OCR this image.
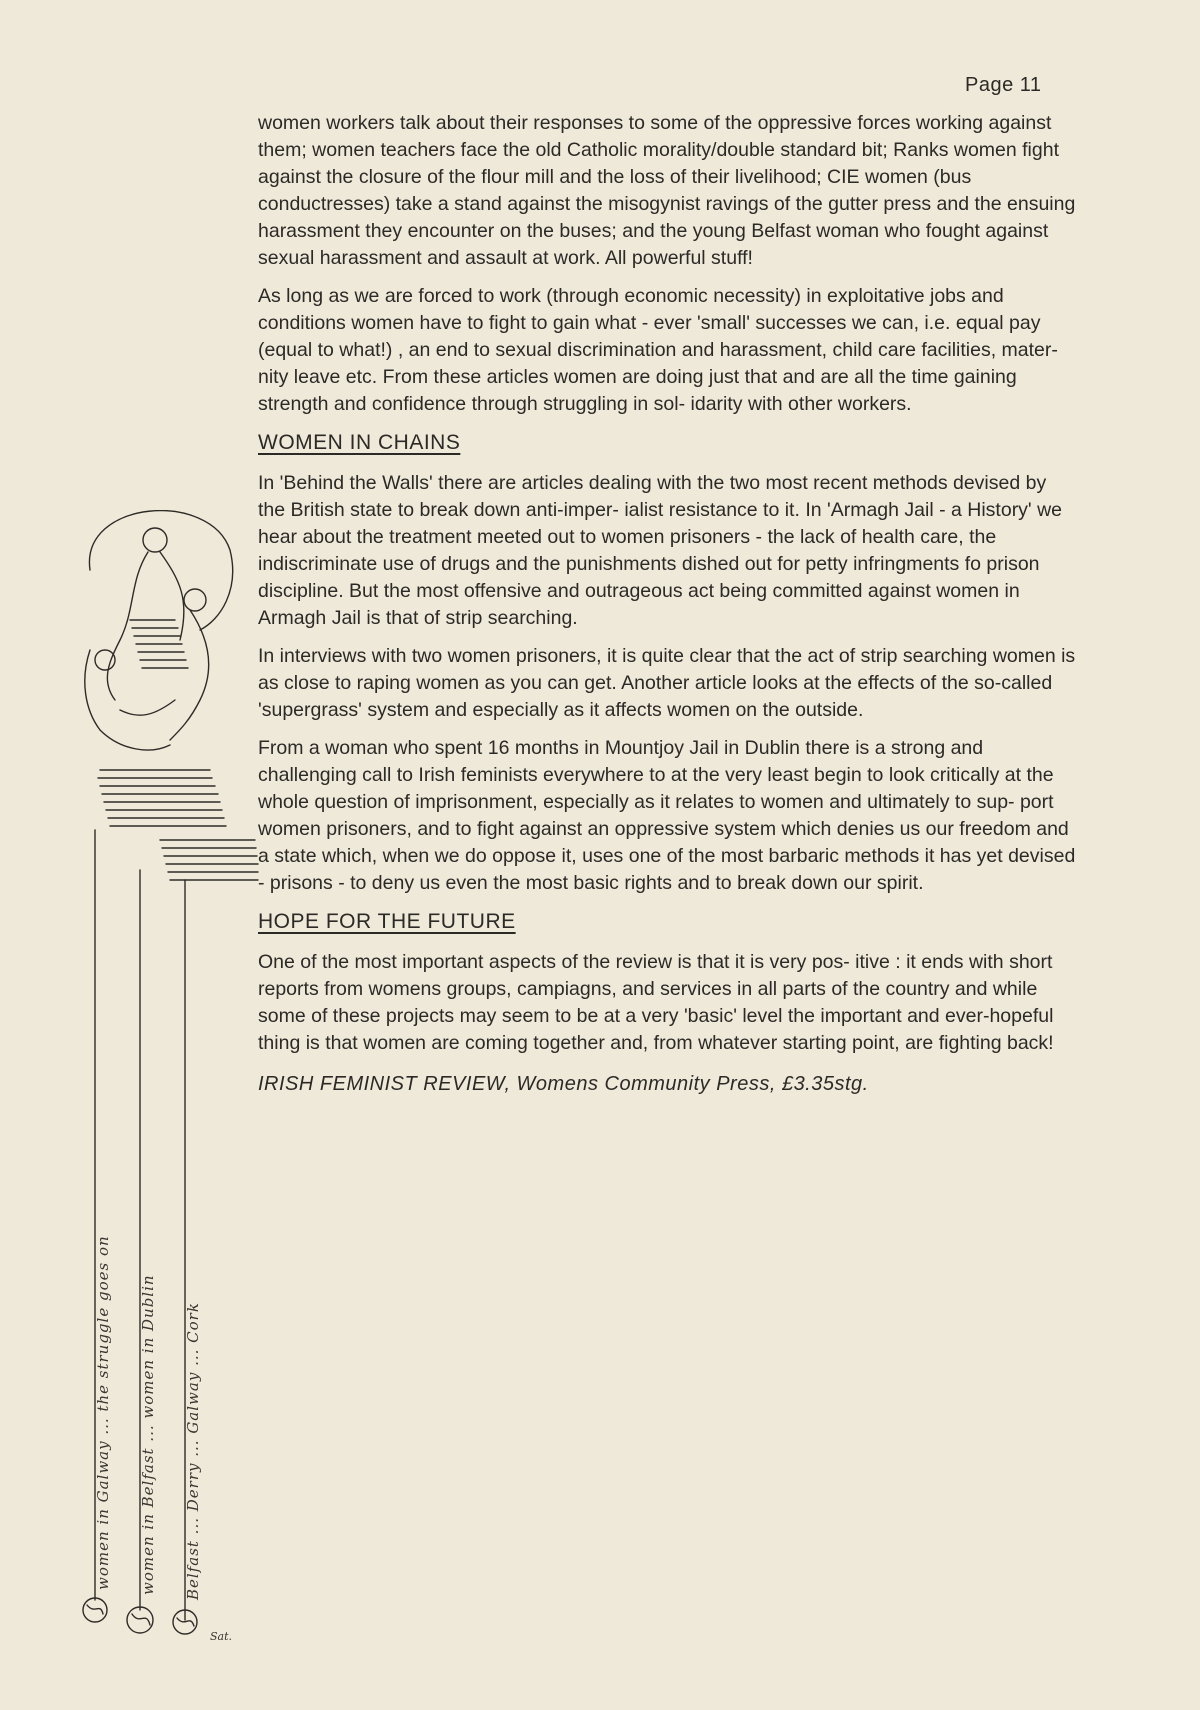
Page 11

women workers talk about their responses to some of the oppressive forces working against them; women teachers face the old Catholic morality/double standard bit; Ranks women fight against the closure of the flour mill and the loss of their livelihood; CIE women (bus conductresses) take a stand against the misogynist ravings of the gutter press and the ensuing harassment they encounter on the buses; and the young Belfast woman who fought against sexual harassment and assault at work. All powerful stuff!

As long as we are forced to work (through economic necessity) in exploitative jobs and conditions women have to fight to gain what - ever 'small' successes we can, i.e. equal pay (equal to what!) , an end to sexual discrimination and harassment, child care facilities, mater- nity leave etc. From these articles women are doing just that and are all the time gaining strength and confidence through struggling in sol- idarity with other workers.

WOMEN IN CHAINS

In 'Behind the Walls' there are articles dealing with the two most recent methods devised by the British state to break down anti-imper- ialist resistance to it. In 'Armagh Jail - a History' we hear about the treatment meeted out to women prisoners - the lack of health care, the indiscriminate use of drugs and the punishments dished out for petty infringments fo prison discipline. But the most offensive and outrageous act being committed against women in Armagh Jail is that of strip searching.

In interviews with two women prisoners, it is quite clear that the act of strip searching women is as close to raping women as you can get. Another article looks at the effects of the so-called 'supergrass' system and especially as it affects women on the outside.

From a woman who spent 16 months in Mountjoy Jail in Dublin there is a strong and challenging call to Irish feminists everywhere to at the very least begin to look critically at the whole question of imprisonment, especially as it relates to women and ultimately to sup- port women prisoners, and to fight against an oppressive system which denies us our freedom and a state which, when we do oppose it, uses one of the most barbaric methods it has yet devised - prisons - to deny us even the most basic rights and to break down our spirit.

HOPE FOR THE FUTURE

One of the most important aspects of the review is that it is very pos- itive : it ends with short reports from womens groups, campiagns, and services in all parts of the country and while some of these projects may seem to be at a very 'basic' level the important and ever-hopeful thing is that women are coming together and, from whatever starting point, are fighting back!

IRISH FEMINIST REVIEW, Womens Community Press, £3.35stg.
women in Galway ... the struggle goes on women in Belfast ... women in Dublin Belfast ... Derry ... Galway ... Cork
Sat.
